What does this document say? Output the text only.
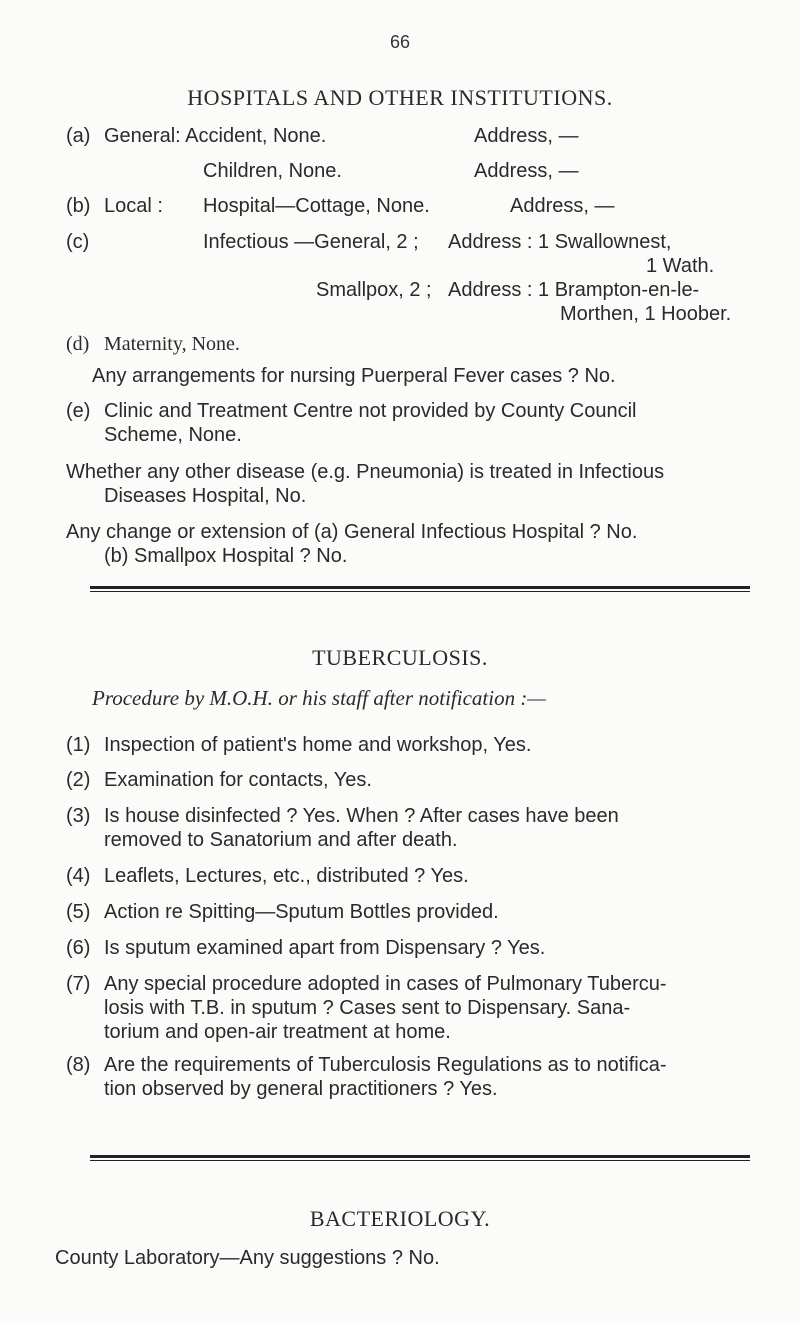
66
HOSPITALS AND OTHER INSTITUTIONS.
(a) General: Accident, None.	Address, —
Children, None.	Address, —
(b) Local : Hospital—Cottage, None.	Address, —
(c)	Infectious —General, 2 ; Address : 1 Swallownest,
1 Wath.
Smallpox, 2 ; Address : 1 Brampton-en-le-
Morthen, 1 Hoober.
(d) Maternity, None.
Any arrangements for nursing Puerperal Fever cases ? No.
(e) Clinic and Treatment Centre not provided by County Council
Scheme, None.
Whether any other disease (e.g. Pneumonia) is treated in Infectious
Diseases Hospital, No.
Any change or extension of (a) General Infectious Hospital ? No.
(b) Smallpox Hospital ? No.
TUBERCULOSIS.
Procedure by M.O.H. or his staff after notification :—
(1) Inspection of patient's home and workshop, Yes.
(2) Examination for contacts, Yes.
(3) Is house disinfected ? Yes. When ? After cases have been
removed to Sanatorium and after death.
(4) Leaflets, Lectures, etc., distributed ? Yes.
(5) Action re Spitting—Sputum Bottles provided.
(6) Is sputum examined apart from Dispensary ? Yes.
(7) Any special procedure adopted in cases of Pulmonary Tubercu-
losis with T.B. in sputum ? Cases sent to Dispensary. Sana-
torium and open-air treatment at home.
(8) Are the requirements of Tuberculosis Regulations as to notifica-
tion observed by general practitioners ? Yes.
BACTERIOLOGY.
County Laboratory—Any suggestions ? No.
